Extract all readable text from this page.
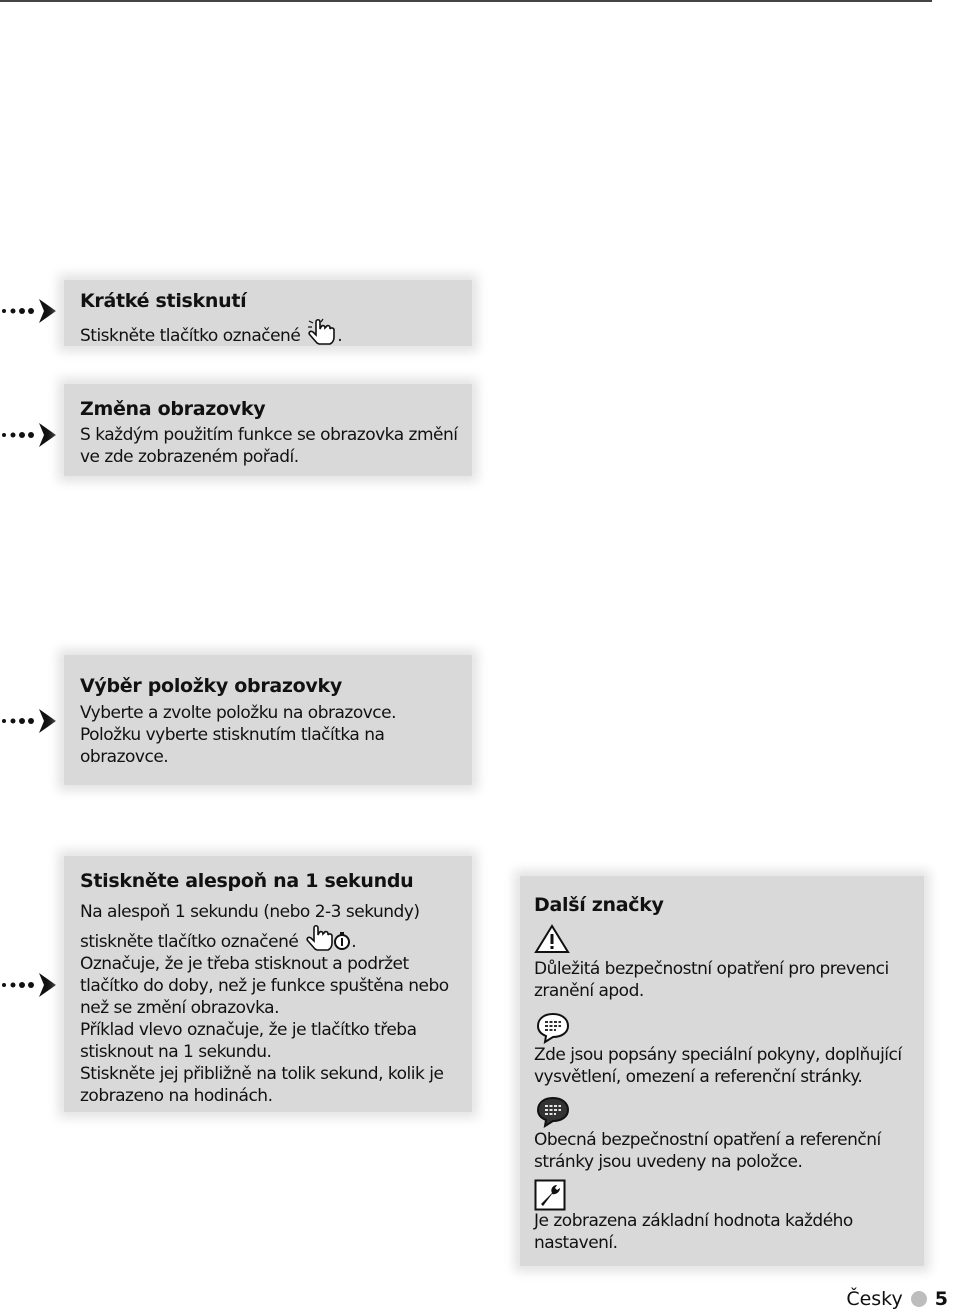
Krátké stisknutí

Stiskněte tlačítko označené .

Změna obrazovky

S každým použitím funkce se obrazovka změní
ve zde zobrazeném pořadí.

Výběr položky obrazovky

Vyberte a zvolte položku na obrazovce.
Položku vyberte stisknutím tlačítka na
obrazovce.

Stiskněte alespoň na 1 sekundu

Na alespoň 1 sekundu (nebo 2-3 sekundy)
stiskněte tlačítko označené	.
Označuje, že je třeba stisknout a podržet
tlačítko do doby, než je funkce spuštěna nebo
než se změní obrazovka.
Příklad vlevo označuje, že je tlačítko třeba
stisknout na 1 sekundu.
Stiskněte jej přibližně na tolik sekund, kolik je
zobrazeno na hodinách.

Další značky

Důležitá bezpečnostní opatření pro prevenci
zranění apod.

Zde jsou popsány speciální pokyny, doplňující
vysvětlení, omezení a referenční stránky.

Obecná bezpečnostní opatření a referenční
stránky jsou uvedeny na položce.

Je zobrazena základní hodnota každého
nastavení.

Česky 5
